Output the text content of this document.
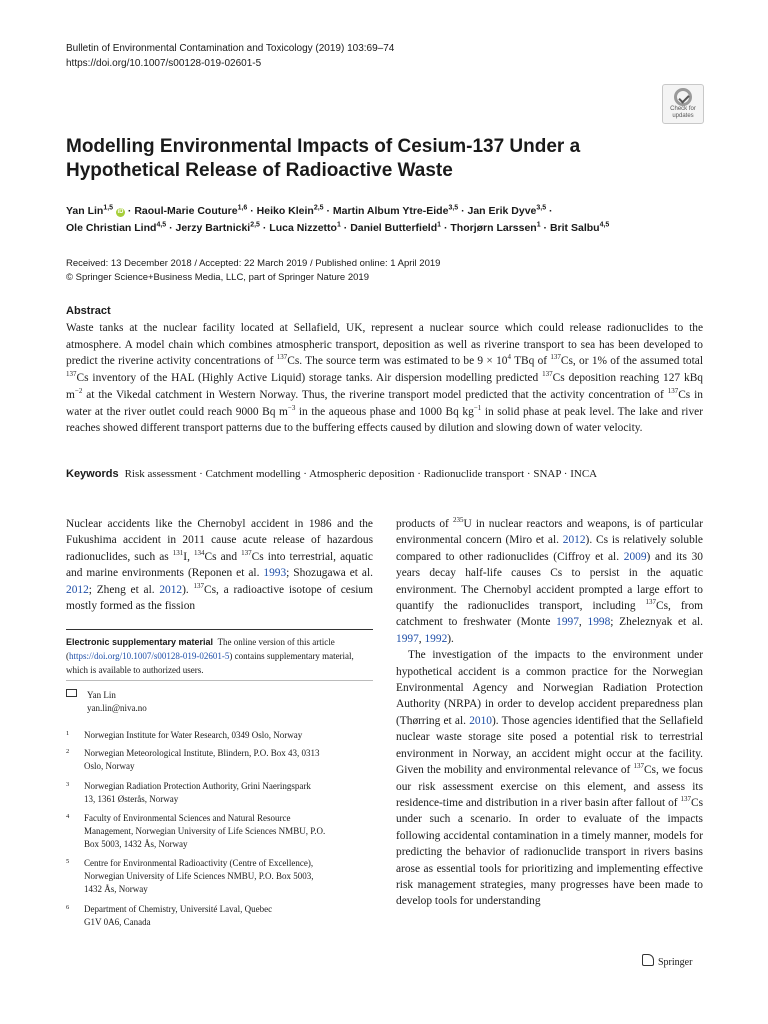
Bulletin of Environmental Contamination and Toxicology (2019) 103:69–74
https://doi.org/10.1007/s00128-019-02601-5
Check for
updates
Modelling Environmental Impacts of Cesium-137 Under a Hypothetical Release of Radioactive Waste
Yan Lin$^{1,5}$ iD · Raoul‑Marie Couture$^{1,6}$ · Heiko Klein$^{2,5}$ · Martin Album Ytre‑Eide$^{3,5}$ · Jan Erik Dyve$^{3,5}$ ·
Ole Christian Lind$^{4,5}$ · Jerzy Bartnicki$^{2,5}$ · Luca Nizzetto$^1$ · Daniel Butterfield$^1$ · Thorjørn Larssen$^1$ · Brit Salbu$^{4,5}$
Received: 13 December 2018 / Accepted: 22 March 2019 / Published online: 1 April 2019
© Springer Science+Business Media, LLC, part of Springer Nature 2019
Abstract
Waste tanks at the nuclear facility located at Sellafield, UK, represent a nuclear source which could release radionuclides to the atmosphere. A model chain which combines atmospheric transport, deposition as well as riverine transport to sea has been developed to predict the riverine activity concentrations of $^{137}$Cs. The source term was estimated to be $9 \times 10^4$ TBq of $^{137}$Cs, or 1% of the assumed total $^{137}$Cs inventory of the HAL (Highly Active Liquid) storage tanks. Air dispersion modelling predicted $^{137}$Cs deposition reaching 127 kBq $m^{-2}$ at the Vikedal catchment in Western Norway. Thus, the riverine transport model predicted that the activity concentration of $^{137}$Cs in water at the river outlet could reach 9000 Bq $m^{-3}$ in the aqueous phase and 1000 Bq $kg^{-1}$ in solid phase at peak level. The lake and river reaches showed different transport patterns due to the buffering effects caused by dilution and slowing down of water velocity.
Keywords Risk assessment · Catchment modelling · Atmospheric deposition · Radionuclide transport · SNAP · INCA
Nuclear accidents like the Chernobyl accident in 1986 and the Fukushima accident in 2011 cause acute release of hazardous radionuclides, such as $^{131}$I, $^{134}$Cs and $^{137}$Cs into terrestrial, aquatic and marine environments (Reponen et al. 1993; Shozugawa et al. 2012; Zheng et al. 2012). $^{137}$Cs, a radioactive isotope of cesium mostly formed as the fission
Electronic supplementary material The online version of this article (https://doi.org/10.1007/s00128-019-02601-5) contains supplementary material, which is available to authorized users.
Yan Lin
yan.lin@niva.no
1 Norwegian Institute for Water Research, 0349 Oslo, Norway
2 Norwegian Meteorological Institute, Blindern, P.O. Box 43, 0313 Oslo, Norway
3 Norwegian Radiation Protection Authority, Grini Naeringspark 13, 1361 Østerås, Norway
4 Faculty of Environmental Sciences and Natural Resource Management, Norwegian University of Life Sciences NMBU, P.O. Box 5003, 1432 Ås, Norway
5 Centre for Environmental Radioactivity (Centre of Excellence), Norwegian University of Life Sciences NMBU, P.O. Box 5003, 1432 Ås, Norway
6 Department of Chemistry, Université Laval, Quebec G1V 0A6, Canada

products of $^{235}$U in nuclear reactors and weapons, is of particular environmental concern (Miro et al. 2012). Cs is relatively soluble compared to other radionuclides (Ciffroy et al. 2009) and its 30 years decay half-life causes Cs to persist in the aquatic environment. The Chernobyl accident prompted a large effort to quantify the radionuclides transport, including $^{137}$Cs, from catchment to freshwater (Monte 1997, 1998; Zheleznyak et al. 1997, 1992).

The investigation of the impacts to the environment under hypothetical accident is a common practice for the Norwegian Environmental Agency and Norwegian Radiation Protection Authority (NRPA) in order to develop accident preparedness plan (Thørring et al. 2010). Those agencies identified that the Sellafield nuclear waste storage site posed a potential risk to terrestrial environment in Norway, an accident might occur at the facility. Given the mobility and environmental relevance of $^{137}$Cs, we focus our risk assessment exercise on this element, and assess its residence-time and distribution in a river basin after fallout of $^{137}$Cs under such a scenario. In order to evaluate of the impacts following accidental contamination in a timely manner, models for predicting the behavior of radionuclide transport in rivers basins arose as essential tools for prioritizing and implementing effective risk management strategies, many progresses have been made to develop tools for understanding

Springer
